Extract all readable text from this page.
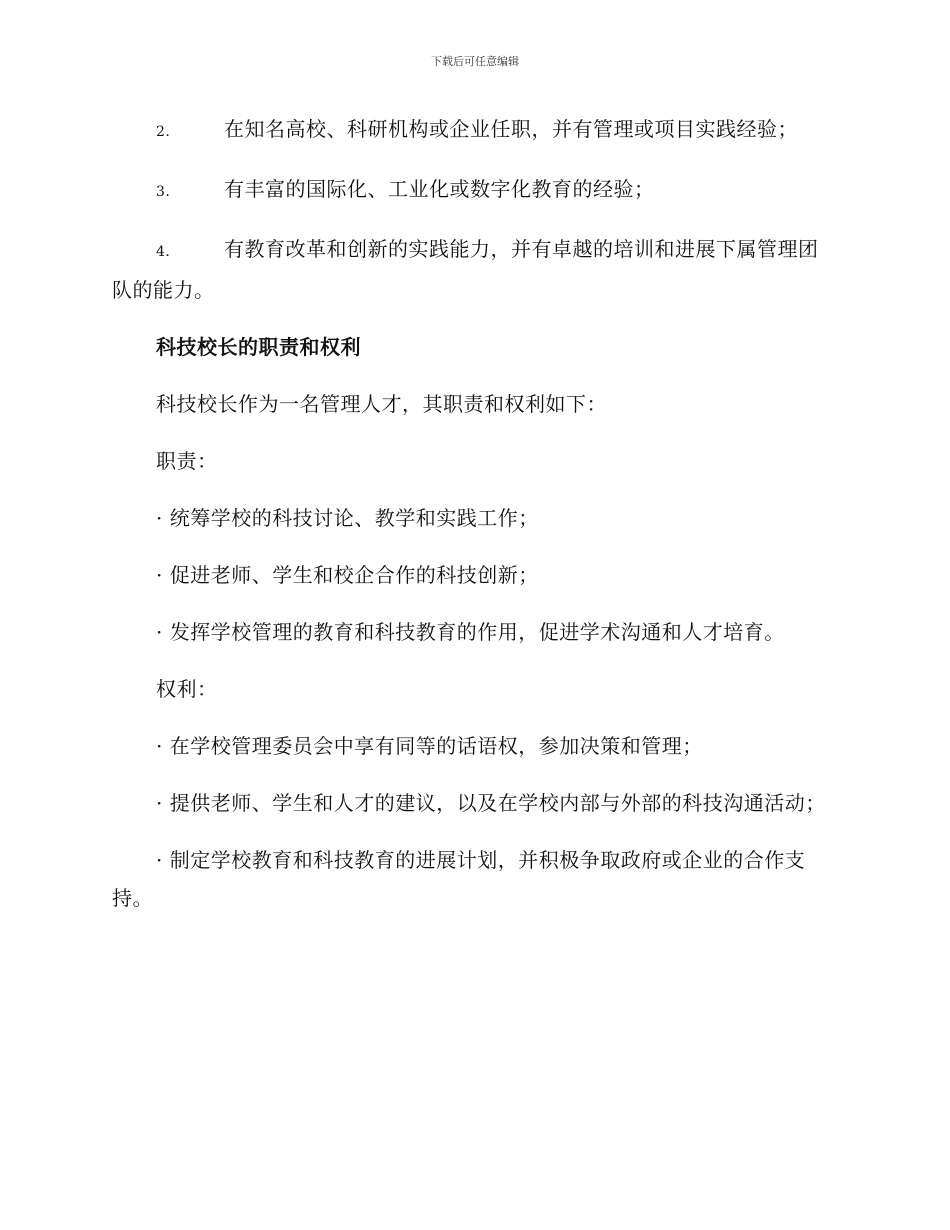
下载后可任意编辑

2.	在知名高校、科研机构或企业任职，并有管理或项目实践经验；

3.	有丰富的国际化、工业化或数字化教育的经验；

4.	有教育改革和创新的实践能力，并有卓越的培训和进展下属管理团队的能力。

科技校长的职责和权利

科技校长作为一名管理人才，其职责和权利如下：

职责：

· 统筹学校的科技讨论、教学和实践工作；

· 促进老师、学生和校企合作的科技创新；

· 发挥学校管理的教育和科技教育的作用，促进学术沟通和人才培育。

权利：

· 在学校管理委员会中享有同等的话语权，参加决策和管理；

· 提供老师、学生和人才的建议，以及在学校内部与外部的科技沟通活动；

· 制定学校教育和科技教育的进展计划，并积极争取政府或企业的合作支持。
